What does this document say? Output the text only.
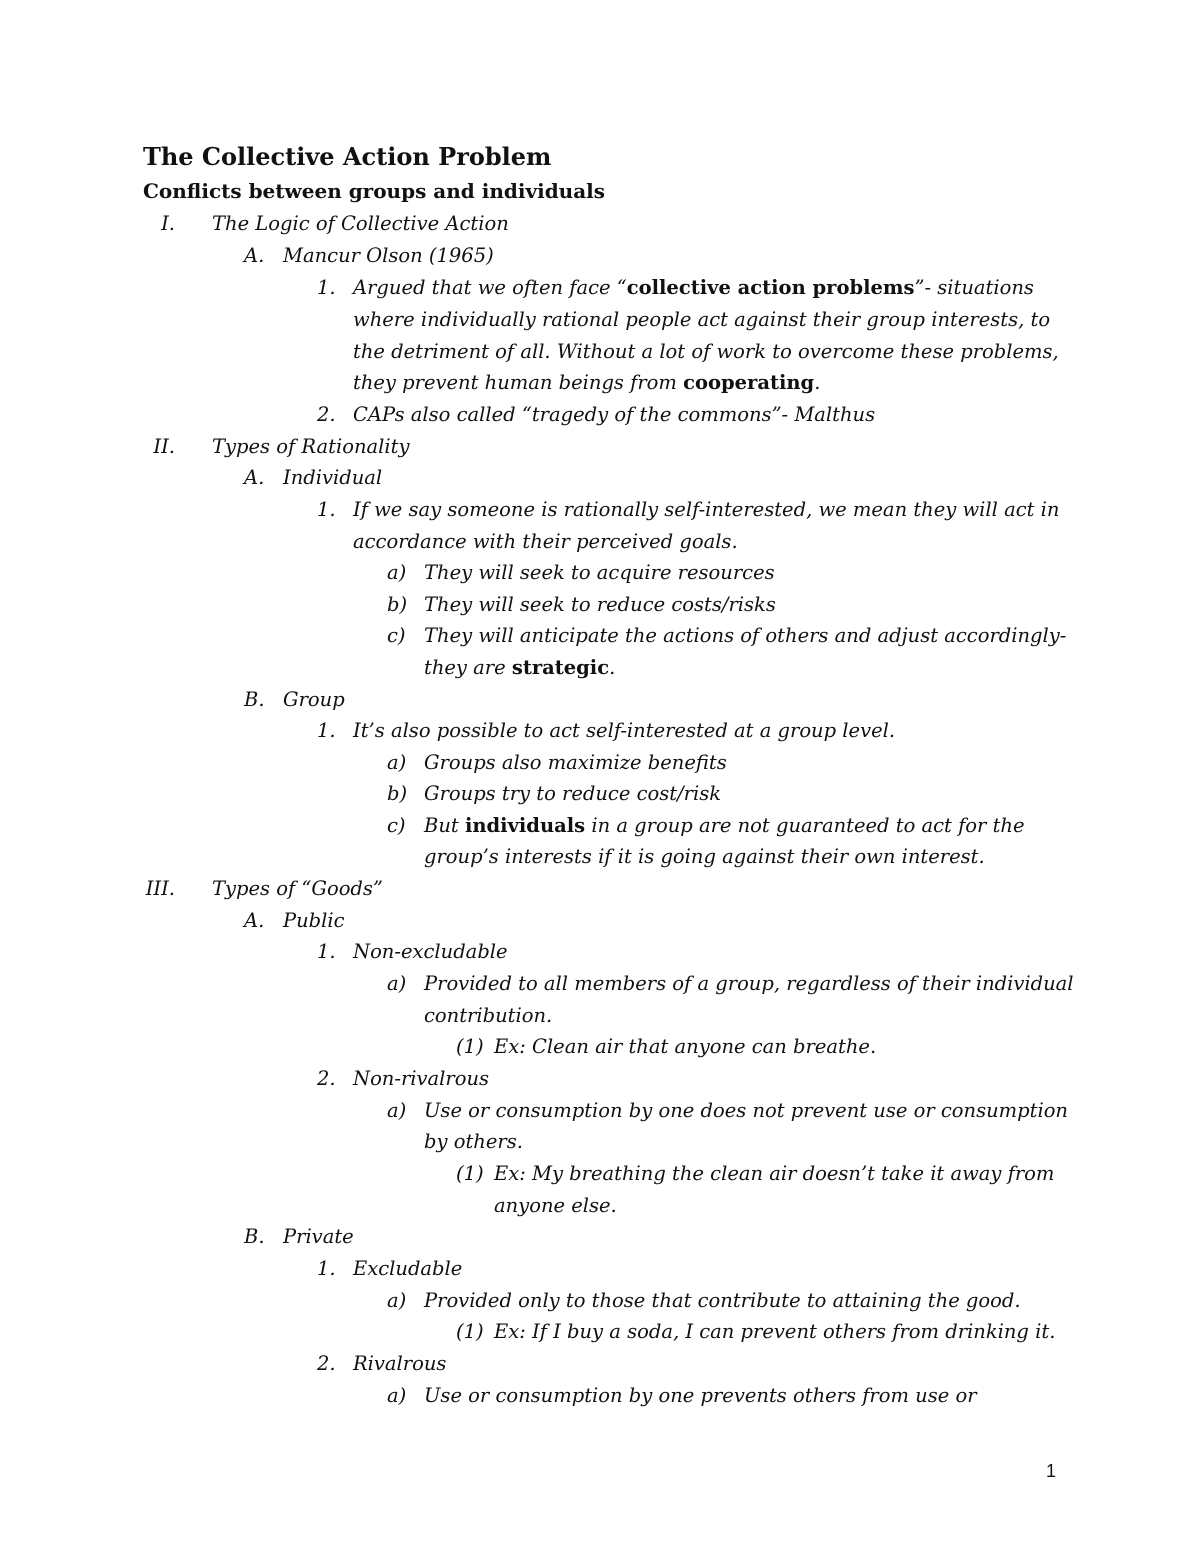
The Collective Action Problem
Conflicts between groups and individuals
I. The Logic of Collective Action
A. Mancur Olson (1965)
1. Argued that we often face “collective action problems”- situations
where individually rational people act against their group interests, to
the detriment of all. Without a lot of work to overcome these problems,
they prevent human beings from cooperating.
2. CAPs also called “tragedy of the commons”- Malthus
II. Types of Rationality
A. Individual
1. If we say someone is rationally self-interested, we mean they will act in
accordance with their perceived goals.
a) They will seek to acquire resources
b) They will seek to reduce costs/risks
c) They will anticipate the actions of others and adjust accordingly-
they are strategic.
B. Group
1. It’s also possible to act self-interested at a group level.
a) Groups also maximize benefits
b) Groups try to reduce cost/risk
c) But individuals in a group are not guaranteed to act for the
group’s interests if it is going against their own interest.
III. Types of “Goods”
A. Public
1. Non-excludable
a) Provided to all members of a group, regardless of their individual
contribution.
(1) Ex: Clean air that anyone can breathe.
2. Non-rivalrous
a) Use or consumption by one does not prevent use or consumption
by others.
(1) Ex: My breathing the clean air doesn’t take it away from
anyone else.
B. Private
1. Excludable
a) Provided only to those that contribute to attaining the good.
(1) Ex: If I buy a soda, I can prevent others from drinking it.
2. Rivalrous
a) Use or consumption by one prevents others from use or
1
